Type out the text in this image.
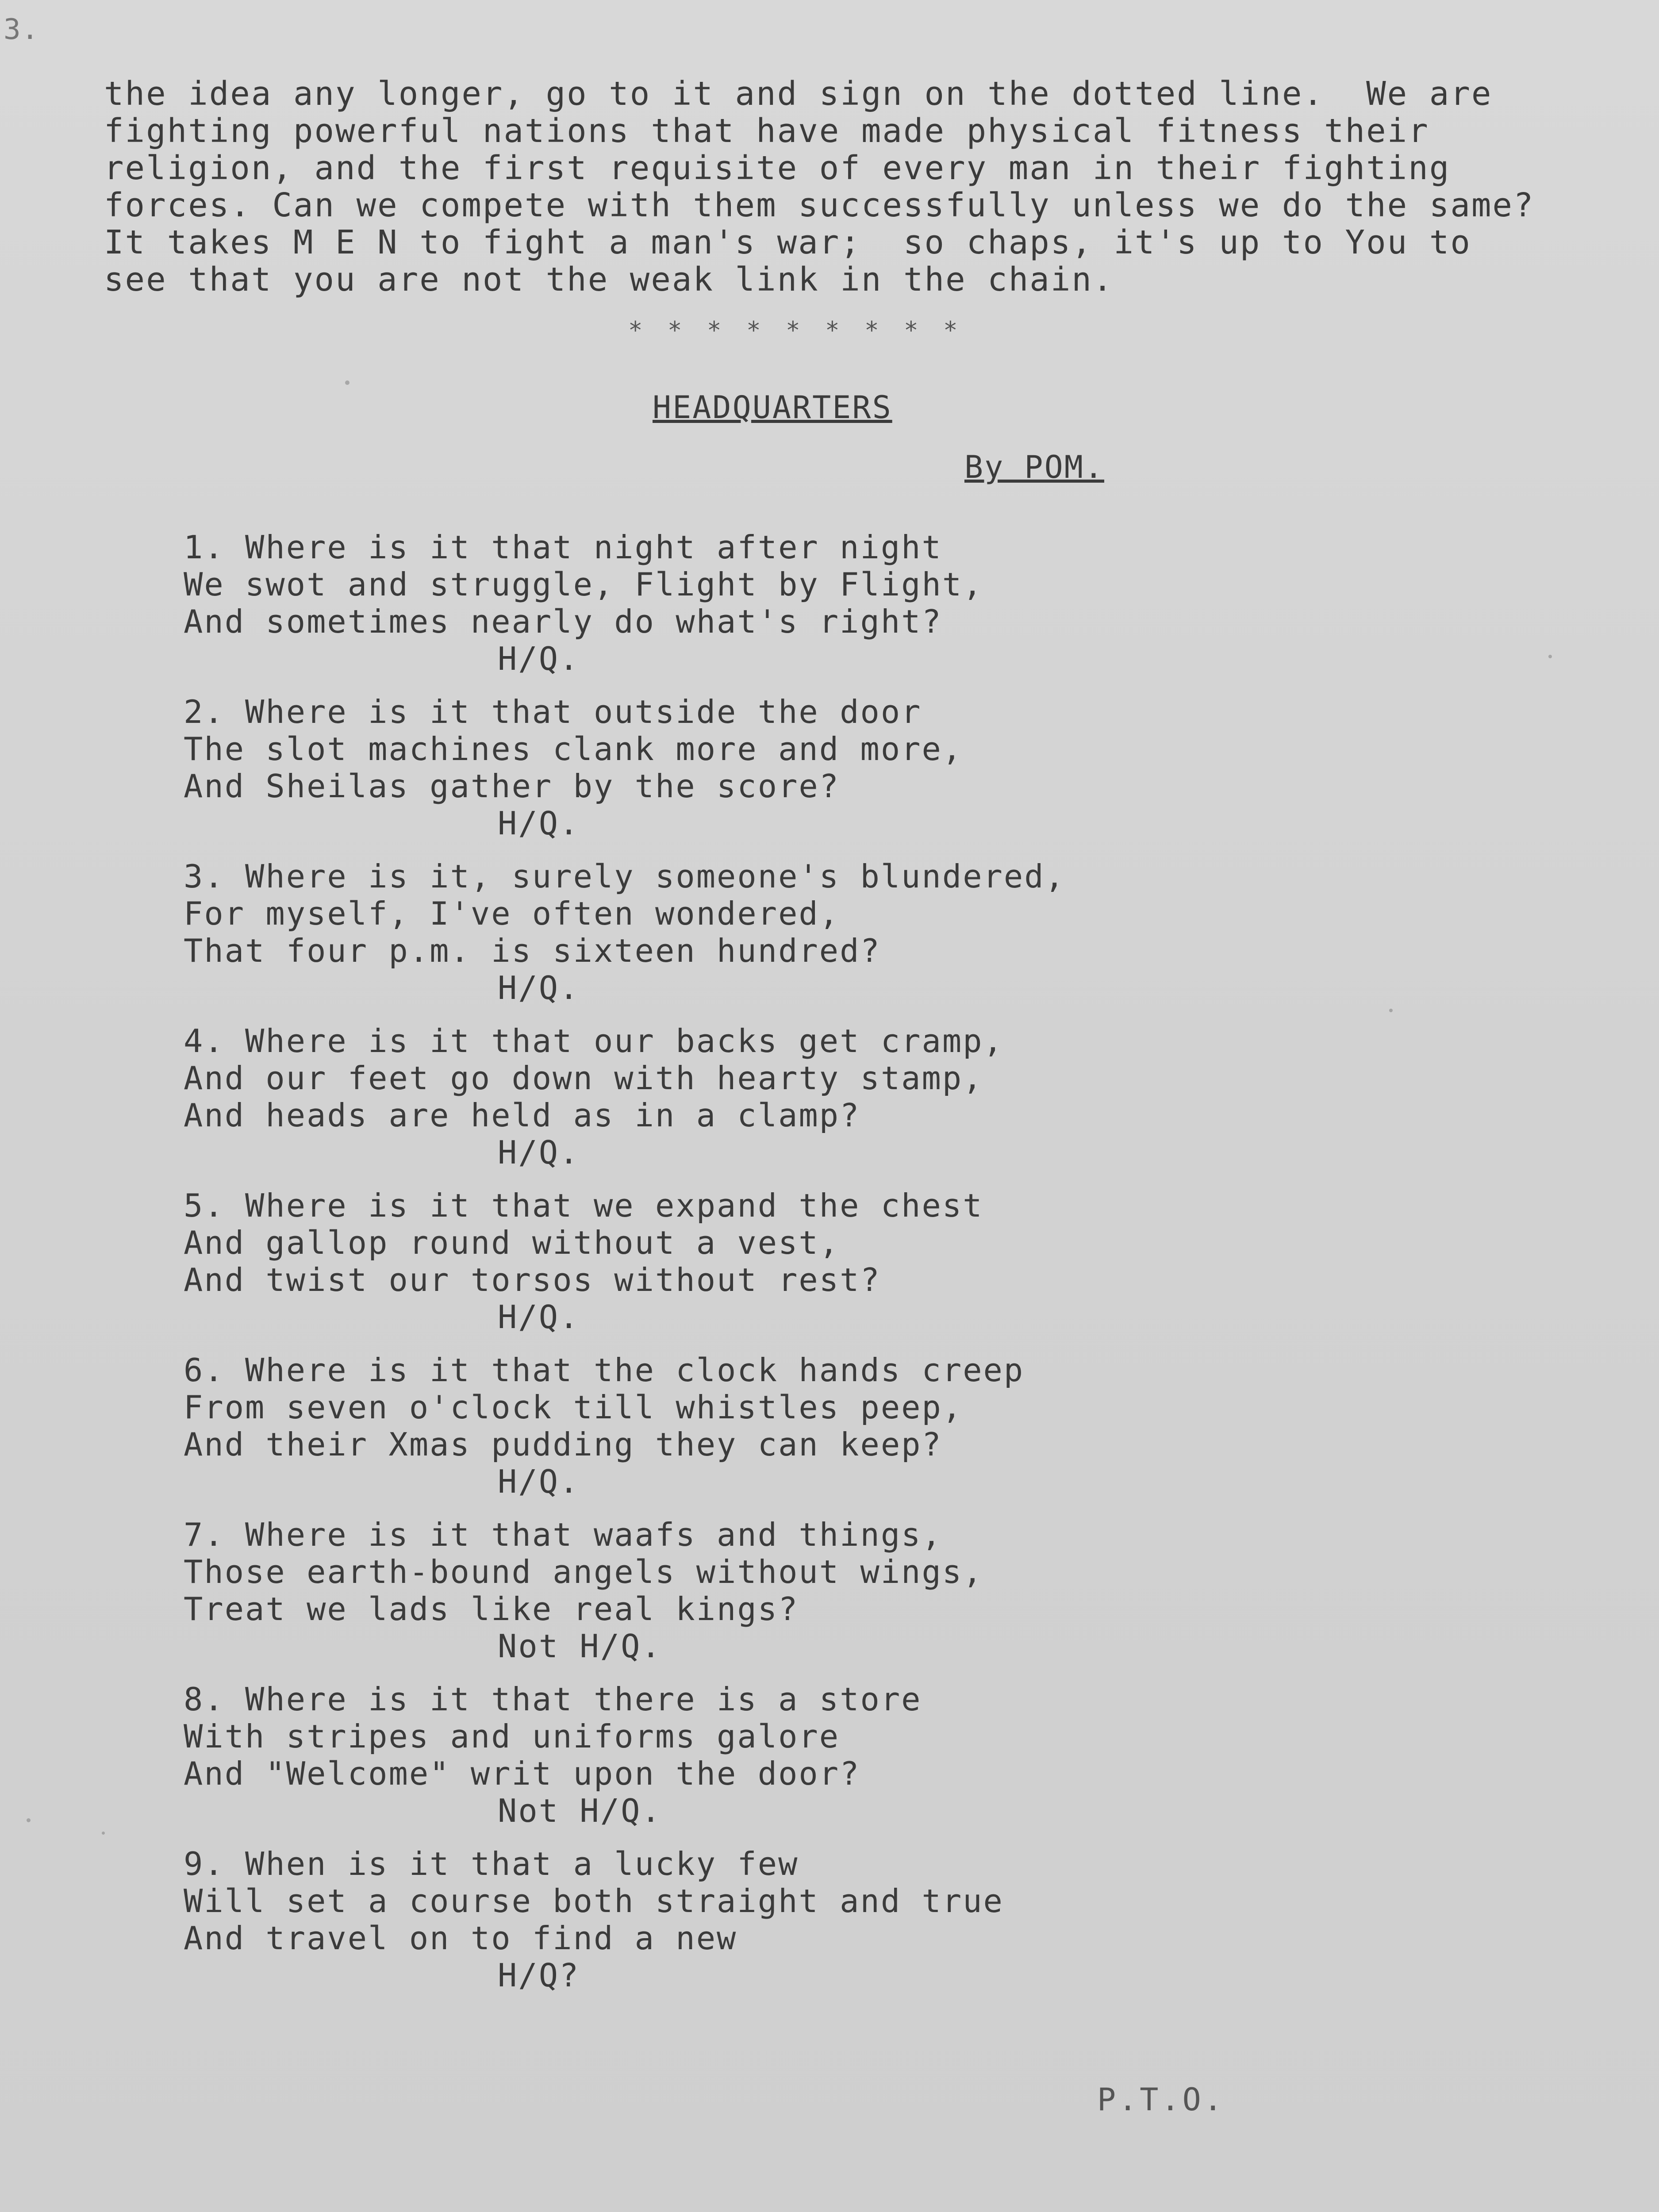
3.
the idea any longer, go to it and sign on the dotted line.  We are
fighting powerful nations that have made physical fitness their
religion, and the first requisite of every man in their fighting
forces. Can we compete with them successfully unless we do the same?
It takes M E N to fight a man's war;  so chaps, it's up to You to
see that you are not the weak link in the chain.
* * * * * * * * *
HEADQUARTERS
By POM.
1. Where is it that night after night
We swot and struggle, Flight by Flight,
And sometimes nearly do what's right?
H/Q.
2. Where is it that outside the door
The slot machines clank more and more,
And Sheilas gather by the score?
H/Q.
3. Where is it, surely someone's blundered,
For myself, I've often wondered,
That four p.m. is sixteen hundred?
H/Q.
4. Where is it that our backs get cramp,
And our feet go down with hearty stamp,
And heads are held as in a clamp?
H/Q.
5. Where is it that we expand the chest
And gallop round without a vest,
And twist our torsos without rest?
H/Q.
6. Where is it that the clock hands creep
From seven o'clock till whistles peep,
And their Xmas pudding they can keep?
H/Q.
7. Where is it that waafs and things,
Those earth-bound angels without wings,
Treat we lads like real kings?
Not H/Q.
8. Where is it that there is a store
With stripes and uniforms galore
And "Welcome" writ upon the door?
Not H/Q.
9. When is it that a lucky few
Will set a course both straight and true
And travel on to find a new
H/Q?
P.T.O.
